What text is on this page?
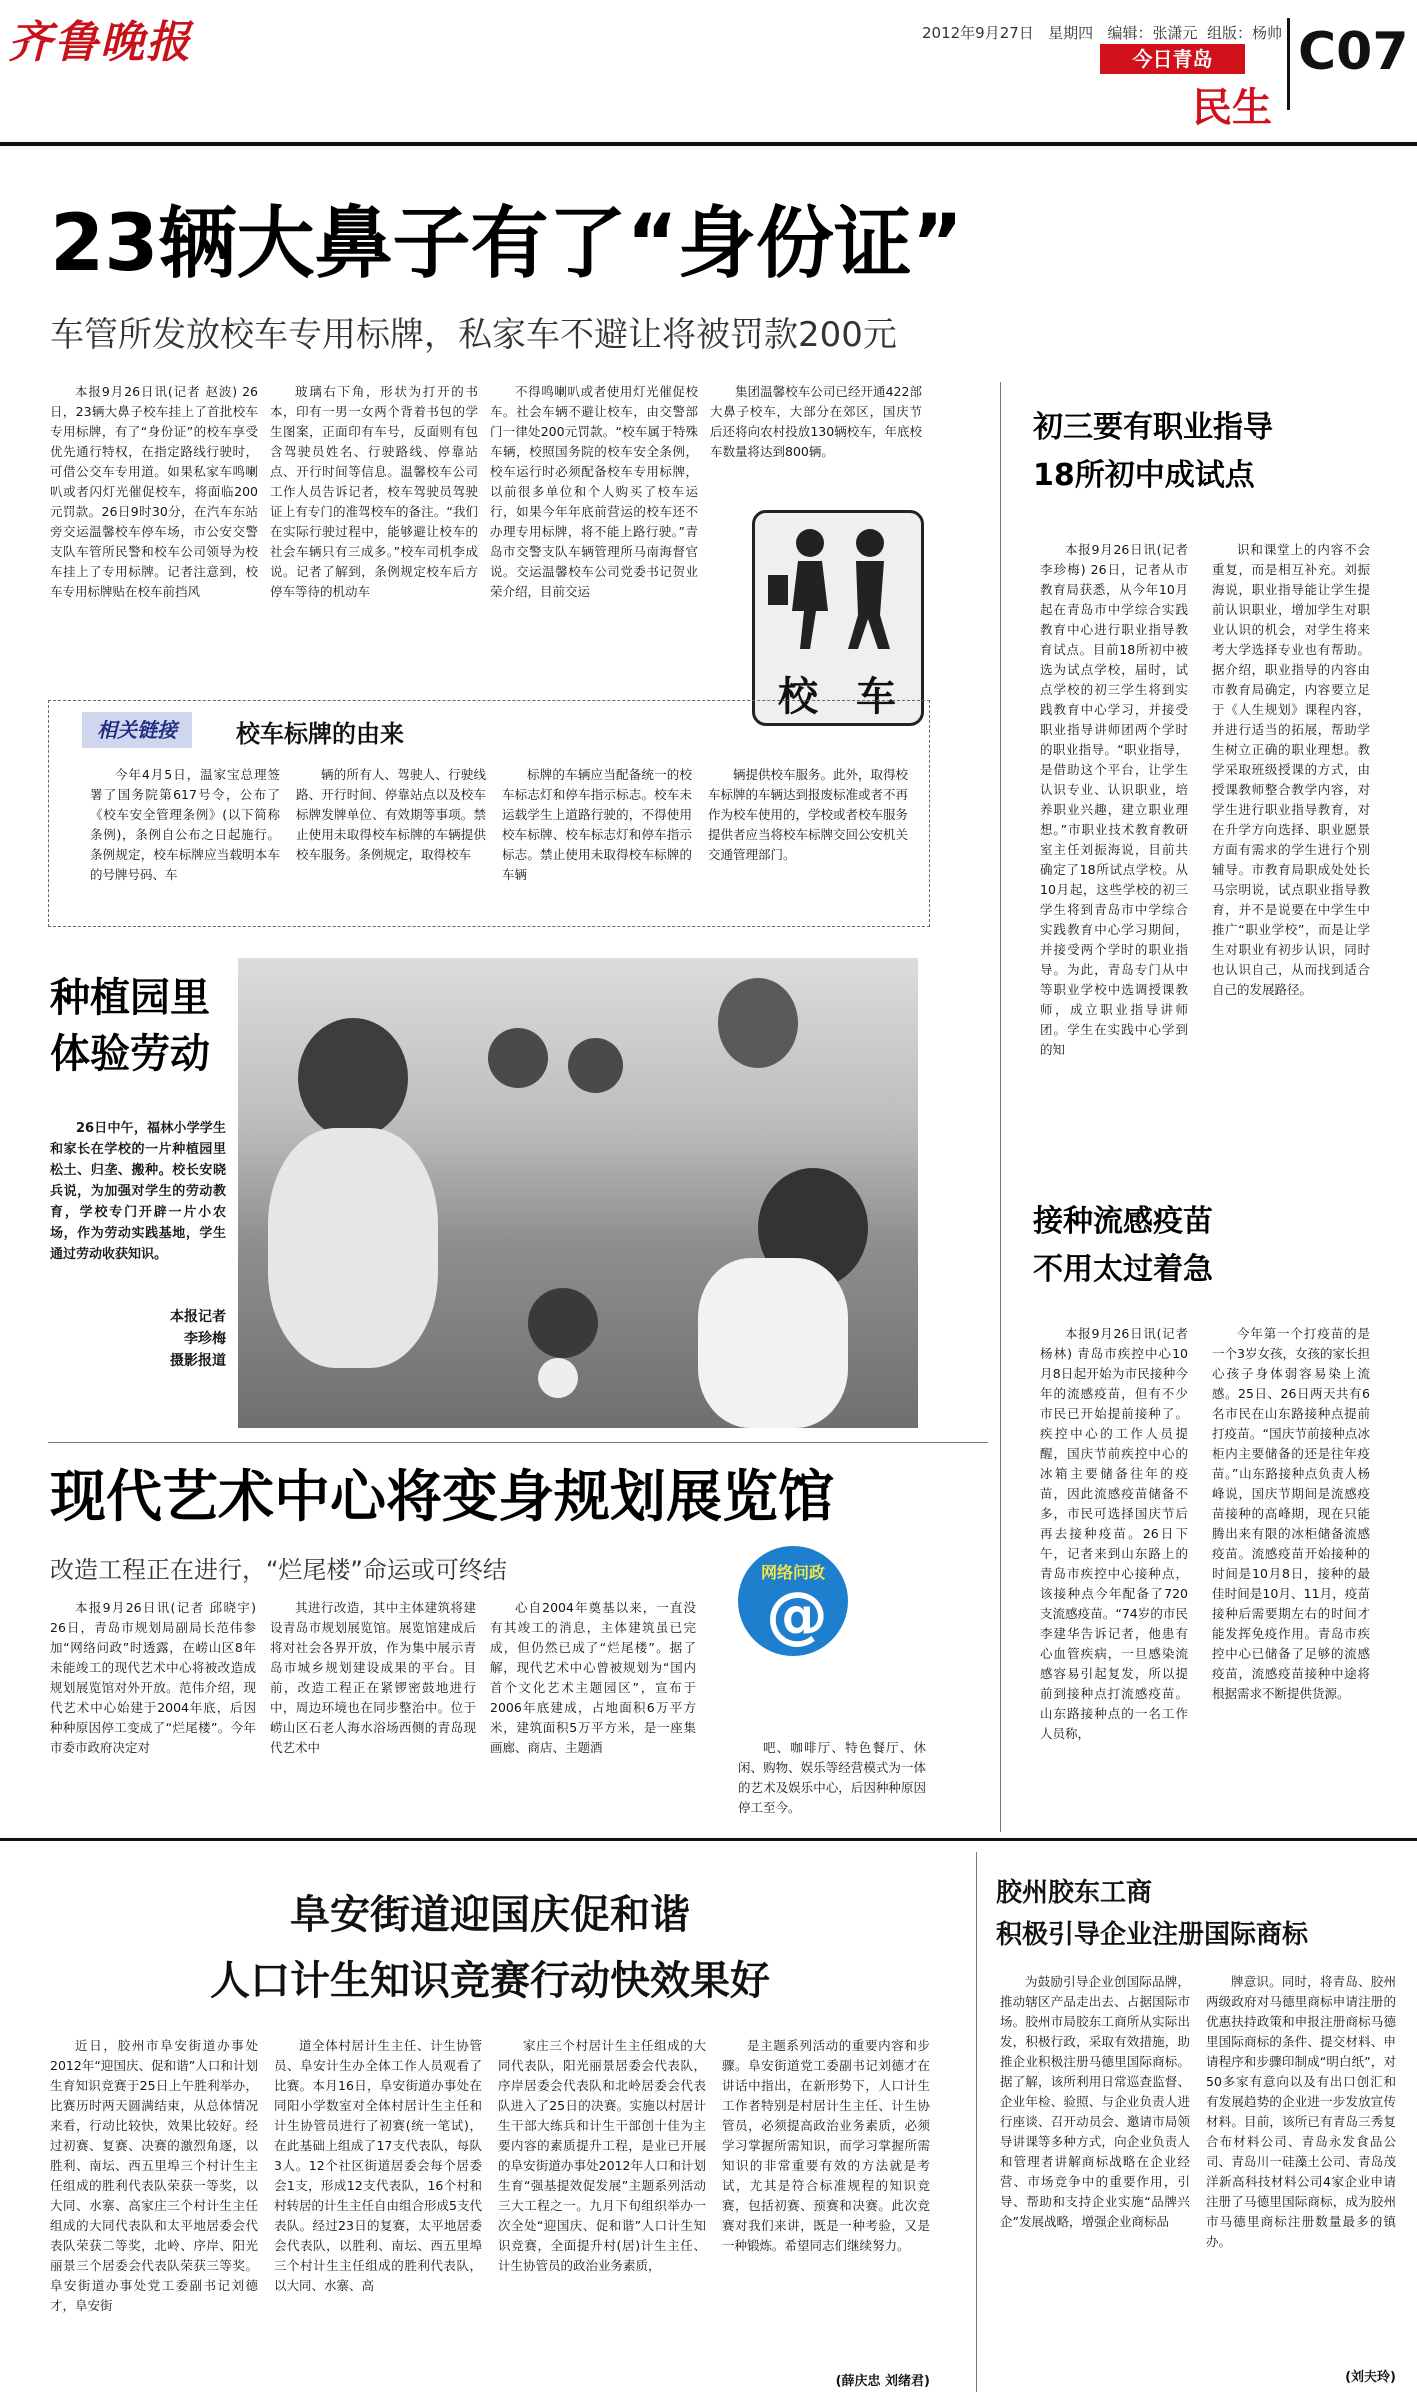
齐鲁晚报	2012年9月27日 星期四 编辑：张潇元 组版：杨帅
今日青岛
民生
C07
23辆大鼻子有了“身份证”
车管所发放校车专用标牌，私家车不避让将被罚款200元

本报9月26日讯(记者 赵波) 26日，23辆大鼻子校车挂上了首批校车专用标牌，有了“身份证”的校车享受优先通行特权，在指定路线行驶时，可借公交车专用道。如果私家车鸣喇叭或者闪灯光催促校车，将面临200元罚款。26日9时30分，在汽车东站旁交运温馨校车停车场，市公安交警支队车管所民警和校车公司领导为校车挂上了专用标牌。记者注意到，校车专用标牌贴在校车前挡风

玻璃右下角，形状为打开的书本，印有一男一女两个背着书包的学生图案，正面印有车号，反面则有包含驾驶员姓名、行驶路线、停靠站点、开行时间等信息。温馨校车公司工作人员告诉记者，校车驾驶员驾驶证上有专门的准驾校车的备注。“我们在实际行驶过程中，能够避让校车的社会车辆只有三成多。”校车司机李成说。记者了解到，条例规定校车后方停车等待的机动车

不得鸣喇叭或者使用灯光催促校车。社会车辆不避让校车，由交警部门一律处200元罚款。“校车属于特殊车辆，校照国务院的校车安全条例，校车运行时必须配备校车专用标牌，以前很多单位和个人购买了校车运行，如果今年年底前营运的校车还不办理专用标牌，将不能上路行驶。”青岛市交警支队车辆管理所马南海督官说。交运温馨校车公司党委书记贺业荣介绍，目前交运

集团温馨校车公司已经开通422部大鼻子校车，大部分在郊区，国庆节后还将向农村投放130辆校车，年底校车数量将达到800辆。

校 车
相关链接	校车标牌的由来

今年4月5日，温家宝总理签署了国务院第617号令，公布了《校车安全管理条例》(以下简称条例)，条例自公布之日起施行。条例规定，校车标牌应当载明本车的号牌号码、车

辆的所有人、驾驶人、行驶线路、开行时间、停靠站点以及校车标牌发牌单位、有效期等事项。禁止使用未取得校车标牌的车辆提供校车服务。条例规定，取得校车

标牌的车辆应当配备统一的校车标志灯和停车指示标志。校车未运载学生上道路行驶的，不得使用校车标牌、校车标志灯和停车指示标志。禁止使用未取得校车标牌的车辆

辆提供校车服务。此外，取得校车标牌的车辆达到报废标准或者不再作为校车使用的，学校或者校车服务提供者应当将校车标牌交回公安机关交通管理部门。

种植园里
体验劳动

26日中午，福林小学学生和家长在学校的一片种植园里松土、归垄、搬种。校长安晓兵说，为加强对学生的劳动教育，学校专门开辟一片小农场，作为劳动实践基地，学生通过劳动收获知识。

本报记者
李珍梅
摄影报道
初三要有职业指导
18所初中成试点

本报9月26日讯(记者 李珍梅) 26日，记者从市教育局获悉，从今年10月起在青岛市中学综合实践教育中心进行职业指导教育试点。目前18所初中被选为试点学校，届时，试点学校的初三学生将到实践教育中心学习，并接受职业指导讲师团两个学时的职业指导。“职业指导，是借助这个平台，让学生认识专业、认识职业，培养职业兴趣，建立职业理想。”市职业技术教育教研室主任刘振海说，目前共确定了18所试点学校。从10月起，这些学校的初三学生将到青岛市中学综合实践教育中心学习期间，并接受两个学时的职业指导。为此，青岛专门从中等职业学校中选调授课教师，成立职业指导讲师团。学生在实践中心学到的知

识和课堂上的内容不会重复，而是相互补充。刘振海说，职业指导能让学生提前认识职业，增加学生对职业认识的机会，对学生将来考大学选择专业也有帮助。据介绍，职业指导的内容由市教育局确定，内容要立足于《人生规划》课程内容，并进行适当的拓展，帮助学生树立正确的职业理想。教学采取班级授课的方式，由授课教师整合教学内容，对学生进行职业指导教育，对在升学方向选择、职业愿景方面有需求的学生进行个别辅导。市教育局职成处处长马宗明说，试点职业指导教育，并不是说要在中学生中推广“职业学校”，而是让学生对职业有初步认识，同时也认识自己，从而找到适合自己的发展路径。

接种流感疫苗
不用太过着急

本报9月26日讯(记者 杨林) 青岛市疾控中心10月8日起开始为市民接种今年的流感疫苗，但有不少市民已开始提前接种了。疾控中心的工作人员提醒，国庆节前疾控中心的冰箱主要储备往年的疫苗，因此流感疫苗储备不多，市民可选择国庆节后再去接种疫苗。26日下午，记者来到山东路上的青岛市疾控中心接种点，该接种点今年配备了720支流感疫苗。“74岁的市民李建华告诉记者，他患有心血管疾病，一旦感染流感容易引起复发，所以提前到接种点打流感疫苗。山东路接种点的一名工作人员称，

今年第一个打疫苗的是一个3岁女孩，女孩的家长担心孩子身体弱容易染上流感。25日、26日两天共有6名市民在山东路接种点提前打疫苗。“国庆节前接种点冰柜内主要储备的还是往年疫苗。”山东路接种点负责人杨峰说，国庆节期间是流感疫苗接种的高峰期，现在只能腾出来有限的冰柜储备流感疫苗。流感疫苗开始接种的时间是10月8日，接种的最佳时间是10月、11月，疫苗接种后需要期左右的时间才能发挥免疫作用。青岛市疾控中心已储备了足够的流感疫苗，流感疫苗接种中途将根据需求不断提供货源。

现代艺术中心将变身规划展览馆
改造工程正在进行，“烂尾楼”命运或可终结	网络问政
@

本报9月26日讯(记者 邱晓宇) 26日，青岛市规划局副局长范伟参加“网络问政”时透露，在崂山区8年未能竣工的现代艺术中心将被改造成规划展览馆对外开放。范伟介绍，现代艺术中心始建于2004年底，后因种种原因停工变成了“烂尾楼”。今年市委市政府决定对

其进行改造，其中主体建筑将建设青岛市规划展览馆。展览馆建成后将对社会各界开放，作为集中展示青岛市城乡规划建设成果的平台。目前，改造工程正在紧锣密鼓地进行中，周边环境也在同步整治中。位于崂山区石老人海水浴场西侧的青岛现代艺术中

心自2004年奠基以来，一直没有其竣工的消息，主体建筑虽已完成，但仍然已成了“烂尾楼”。据了解，现代艺术中心曾被规划为“国内首个文化艺术主题园区”，宣布于2006年底建成，占地面积6万平方米，建筑面积5万平方米，是一座集画廊、商店、主题酒	吧、咖啡厅、特色餐厅、休闲、购物、娱乐等经营模式为一体的艺术及娱乐中心，后因种种原因停工至今。

阜安街道迎国庆促和谐
人口计生知识竞赛行动快效果好

近日，胶州市阜安街道办事处2012年“迎国庆、促和谐”人口和计划生育知识竞赛于25日上午胜利举办，比赛历时两天圆满结束，从总体情况来看，行动比较快，效果比较好。经过初赛、复赛、决赛的激烈角逐，以胜利、南坛、西五里埠三个村计生主任组成的胜利代表队荣获一等奖，以大同、水寨、高家庄三个村计生主任组成的大同代表队和太平地居委会代表队荣获二等奖，北岭、序岸、阳光丽景三个居委会代表队荣获三等奖。阜安街道办事处党工委副书记刘德才，阜安街

道全体村居计生主任、计生协管员、阜安计生办全体工作人员观看了比赛。本月16日，阜安街道办事处在同阳小学数室对全体村居计生主任和计生协管员进行了初赛(统一笔试)，在此基础上组成了17支代表队，每队3人。12个社区街道居委会每个居委会1支，形成12支代表队，16个村和村转居的计生主任自由组合形成5支代表队。经过23日的复赛，太平地居委会代表队，以胜利、南坛、西五里埠三个村计生主任组成的胜利代表队，以大同、水寨、高

家庄三个村居计生主任组成的大同代表队，阳光丽景居委会代表队，序岸居委会代表队和北岭居委会代表队进入了25日的决赛。实施以村居计生干部大练兵和计生干部创十佳为主要内容的素质提升工程，是业已开展的阜安街道办事处2012年人口和计划生育“强基提效促发展”主题系列活动三大工程之一。九月下旬组织举办一次全处“迎国庆、促和谐”人口计生知识竞赛，全面提升村(居)计生主任、计生协管员的政治业务素质，

是主题系列活动的重要内容和步骤。阜安街道党工委副书记刘德才在讲话中指出，在新形势下，人口计生工作者特别是村居计生主任、计生协管员，必须提高政治业务素质，必须学习掌握所需知识，而学习掌握所需知识的非常重要有效的方法就是考试，尤其是符合标准规程的知识竞赛，包括初赛、预赛和决赛。此次竞赛对我们来讲，既是一种考验，又是一种锻炼。希望同志们继续努力。

(薛庆忠 刘绪君)
胶州胶东工商
积极引导企业注册国际商标

为鼓励引导企业创国际品牌，推动辖区产品走出去、占据国际市场。胶州市局胶东工商所从实际出发，积极行政，采取有效措施，助推企业积极注册马德里国际商标。据了解，该所利用日常巡查监督、企业年检、验照、与企业负责人进行座谈、召开动员会、邀请市局领导讲课等多种方式，向企业负责人和管理者讲解商标战略在企业经营、市场竞争中的重要作用，引导、帮助和支持企业实施“品牌兴企”发展战略，增强企业商标品

牌意识。同时，将青岛、胶州两级政府对马德里商标申请注册的优惠扶持政策和申报注册商标马德里国际商标的条件、提交材料、申请程序和步骤印制成“明白纸”，对50多家有意向以及有出口创汇和有发展趋势的企业进一步发放宣传材料。目前，该所已有青岛三秀复合布材料公司、青岛永发食品公司、青岛川一硅藻土公司、青岛茂洋新高科技材料公司4家企业申请注册了马德里国际商标，成为胶州市马德里商标注册数量最多的镇办。

(刘夫玲)
